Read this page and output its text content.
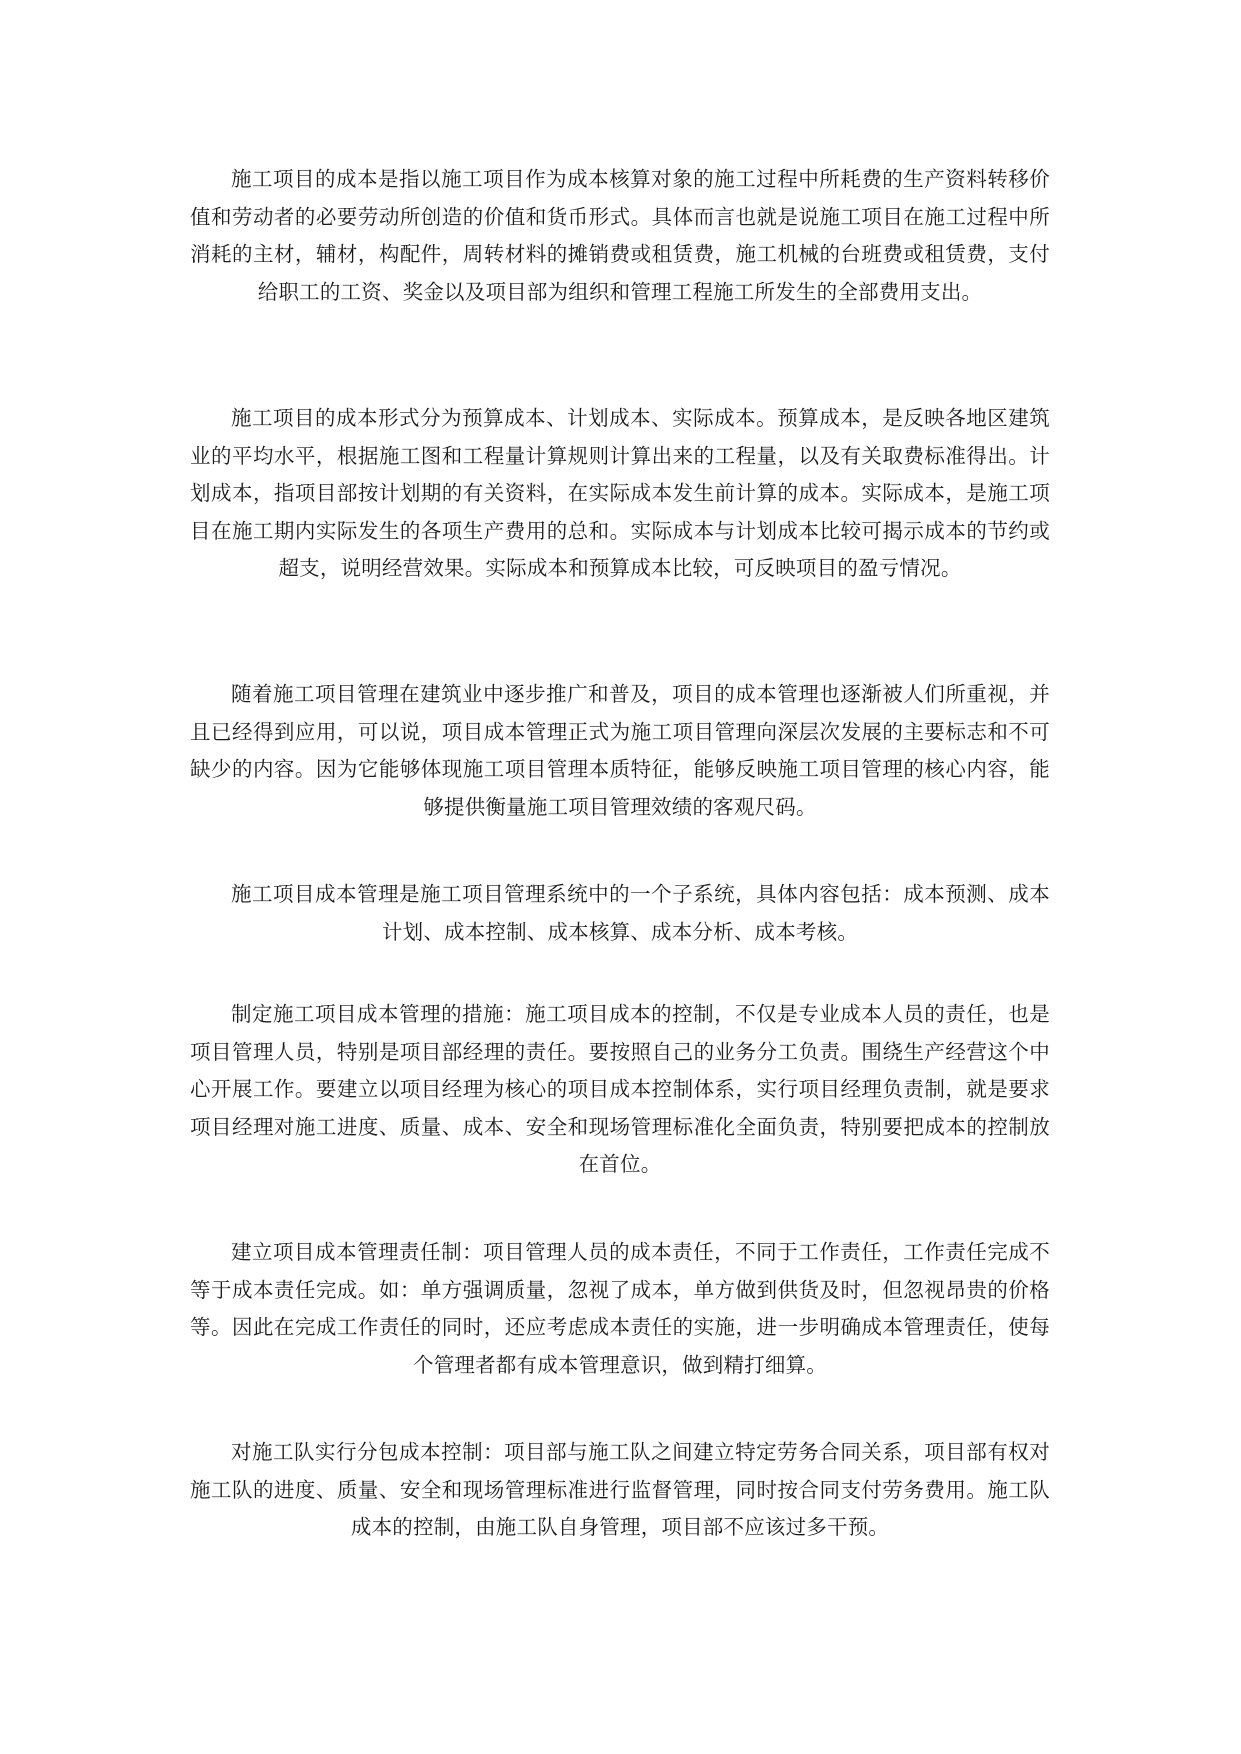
施工项目的成本是指以施工项目作为成本核算对象的施工过程中所耗费的生产资料转移价值和劳动者的必要劳动所创造的价值和货币形式。具体而言也就是说施工项目在施工过程中所消耗的主材，辅材，构配件，周转材料的摊销费或租赁费，施工机械的台班费或租赁费，支付给职工的工资、奖金以及项目部为组织和管理工程施工所发生的全部费用支出。

施工项目的成本形式分为预算成本、计划成本、实际成本。预算成本，是反映各地区建筑业的平均水平，根据施工图和工程量计算规则计算出来的工程量，以及有关取费标准得出。计划成本，指项目部按计划期的有关资料，在实际成本发生前计算的成本。实际成本，是施工项目在施工期内实际发生的各项生产费用的总和。实际成本与计划成本比较可揭示成本的节约或超支，说明经营效果。实际成本和预算成本比较，可反映项目的盈亏情况。

随着施工项目管理在建筑业中逐步推广和普及，项目的成本管理也逐渐被人们所重视，并且已经得到应用，可以说，项目成本管理正式为施工项目管理向深层次发展的主要标志和不可缺少的内容。因为它能够体现施工项目管理本质特征，能够反映施工项目管理的核心内容，能够提供衡量施工项目管理效绩的客观尺码。

施工项目成本管理是施工项目管理系统中的一个子系统，具体内容包括：成本预测、成本计划、成本控制、成本核算、成本分析、成本考核。

制定施工项目成本管理的措施：施工项目成本的控制，不仅是专业成本人员的责任，也是项目管理人员，特别是项目部经理的责任。要按照自己的业务分工负责。围绕生产经营这个中心开展工作。要建立以项目经理为核心的项目成本控制体系，实行项目经理负责制，就是要求项目经理对施工进度、质量、成本、安全和现场管理标准化全面负责，特别要把成本的控制放在首位。

建立项目成本管理责任制：项目管理人员的成本责任，不同于工作责任，工作责任完成不等于成本责任完成。如：单方强调质量，忽视了成本，单方做到供货及时，但忽视昂贵的价格等。因此在完成工作责任的同时，还应考虑成本责任的实施，进一步明确成本管理责任，使每个管理者都有成本管理意识，做到精打细算。

对施工队实行分包成本控制：项目部与施工队之间建立特定劳务合同关系，项目部有权对施工队的进度、质量、安全和现场管理标准进行监督管理，同时按合同支付劳务费用。施工队成本的控制，由施工队自身管理，项目部不应该过多干预。
